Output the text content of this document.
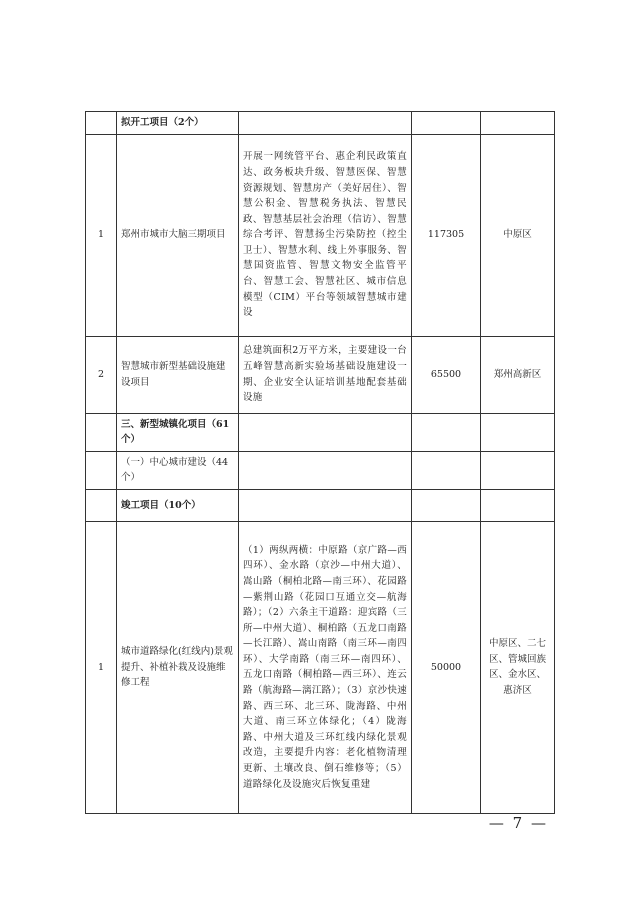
	拟开工项目（2个）			
1	郑州市城市大脑三期项目	开展一网统管平台、惠企利民政策直达、政务板块升级、智慧医保、智慧资源规划、智慧房产（美好居住）、智慧公积金、智慧税务执法、智慧民政、智慧基层社会治理（信访）、智慧综合考评、智慧扬尘污染防控（控尘卫士）、智慧水利、线上外事服务、智慧国资监管、智慧文物安全监管平台、智慧工会、智慧社区、城市信息模型（CIM）平台等领域智慧城市建设	117305	中原区
2	智慧城市新型基础设施建设项目	总建筑面积2万平方米，主要建设一台五峰智慧高新实验场基础设施建设一期、企业安全认证培训基地配套基础设施	65500	郑州高新区
	三、新型城镇化项目（61个）			
	（一）中心城市建设（44个）			
	竣工项目（10个）			
1	城市道路绿化(红线内)景观提升、补植补栽及设施维修工程	（1）两纵两横：中原路（京广路—西四环）、金水路（京沙—中州大道）、嵩山路（桐柏北路—南三环）、花园路—紫荆山路（花园口互通立交—航海路）；（2）六条主干道路：迎宾路（三所—中州大道）、桐柏路（五龙口南路—长江路）、嵩山南路（南三环—南四环）、大学南路（南三环—南四环）、五龙口南路（桐柏路—西三环）、连云路（航海路—漓江路）；（3）京沙快速路、西三环、北三环、陇海路、中州大道、南三环立体绿化；（4）陇海路、中州大道及三环红线内绿化景观改造，主要提升内容：老化植物清理更新、土壤改良、倒石维修等；（5）道路绿化及设施灾后恢复重建	50000	中原区、二七区、管城回族区、金水区、惠济区
— 7 —
